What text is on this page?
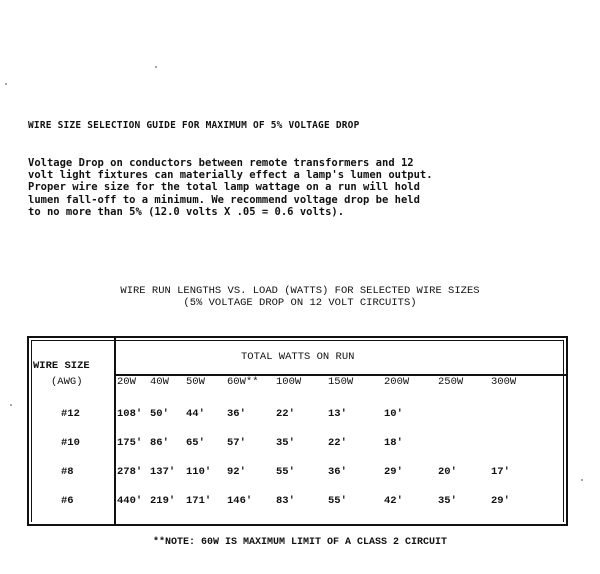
WIRE SIZE SELECTION GUIDE FOR MAXIMUM OF 5% VOLTAGE DROP
Voltage Drop on conductors between remote transformers and 12
volt light fixtures can materially effect a lamp's lumen output.
Proper wire size for the total lamp wattage on a run will hold
lumen fall-off to a minimum. We recommend voltage drop be held
to no more than 5% (12.0 volts X .05 = 0.6 volts).
WIRE RUN LENGTHS VS. LOAD (WATTS) FOR SELECTED WIRE SIZES
(5% VOLTAGE DROP ON 12 VOLT CIRCUITS)
WIRE SIZE
(AWG)
TOTAL WATTS ON RUN
20W 40W 50W 60W** 100W	150W	200W	250W	300W
#12	108' 50' 44' 36'	22'	13'	10'
#10	175' 86' 65' 57'	35'	22'	18'
#8	278' 137' 110' 92'	55'	36'	29'	20'	17'
#6	440' 219' 171' 146' 83'	55'	42'	35'	29'
**NOTE: 60W IS MAXIMUM LIMIT OF A CLASS 2 CIRCUIT
